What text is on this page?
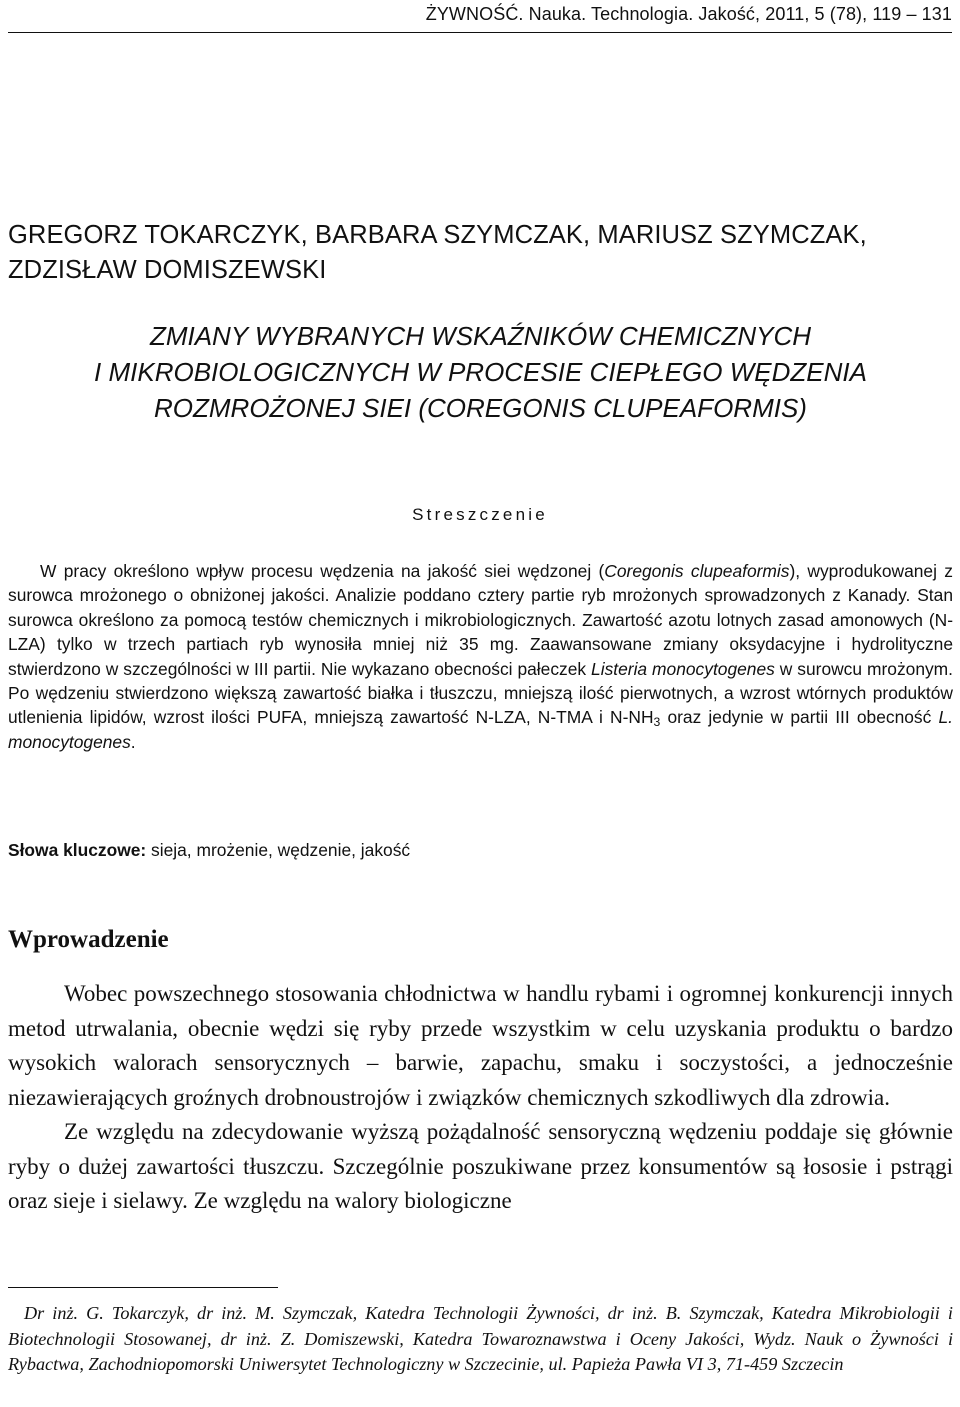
ŻYWNOŚĆ. Nauka. Technologia. Jakość, 2011, 5 (78), 119 – 131
GREGORZ TOKARCZYK, BARBARA SZYMCZAK, MARIUSZ SZYMCZAK,
ZDZISŁAW DOMISZEWSKI
ZMIANY WYBRANYCH WSKAŹNIKÓW CHEMICZNYCH
I MIKROBIOLOGICZNYCH W PROCESIE CIEPŁEGO WĘDZENIA
ROZMROŻONEJ SIEI (COREGONIS CLUPEAFORMIS)
Streszczenie

W pracy określono wpływ procesu wędzenia na jakość siei wędzonej (Coregonis clupeaformis), wyprodukowanej z surowca mrożonego o obniżonej jakości. Analizie poddano cztery partie ryb mrożonych sprowadzonych z Kanady. Stan surowca określono za pomocą testów chemicznych i mikrobiologicznych. Zawartość azotu lotnych zasad amonowych (N-LZA) tylko w trzech partiach ryb wynosiła mniej niż 35 mg. Zaawansowane zmiany oksydacyjne i hydrolityczne stwierdzono w szczególności w III partii. Nie wykazano obecności pałeczek Listeria monocytogenes w surowcu mrożonym. Po wędzeniu stwierdzono większą zawartość białka i tłuszczu, mniejszą ilość pierwotnych, a wzrost wtórnych produktów utlenienia lipidów, wzrost ilości PUFA, mniejszą zawartość N-LZA, N-TMA i $N-NH_3$ oraz jedynie w partii III obecność L. monocytogenes.

Słowa kluczowe: sieja, mrożenie, wędzenie, jakość
Wprowadzenie

Wobec powszechnego stosowania chłodnictwa w handlu rybami i ogromnej konkurencji innych metod utrwalania, obecnie wędzi się ryby przede wszystkim w celu uzyskania produktu o bardzo wysokich walorach sensorycznych – barwie, zapachu, smaku i soczystości, a jednocześnie niezawierających groźnych drobnoustrojów i związków chemicznych szkodliwych dla zdrowia.

Ze względu na zdecydowanie wyższą pożądalność sensoryczną wędzeniu poddaje się głównie ryby o dużej zawartości tłuszczu. Szczególnie poszukiwane przez konsumentów są łososie i pstrągi oraz sieje i sielawy. Ze względu na walory biologiczne

Dr inż. G. Tokarczyk, dr inż. M. Szymczak, Katedra Technologii Żywności, dr inż. B. Szymczak, Katedra Mikrobiologii i Biotechnologii Stosowanej, dr inż. Z. Domiszewski, Katedra Towaroznawstwa i Oceny Jakości, Wydz. Nauk o Żywności i Rybactwa, Zachodniopomorski Uniwersytet Technologiczny w Szczecinie, ul. Papieża Pawła VI 3, 71-459 Szczecin
